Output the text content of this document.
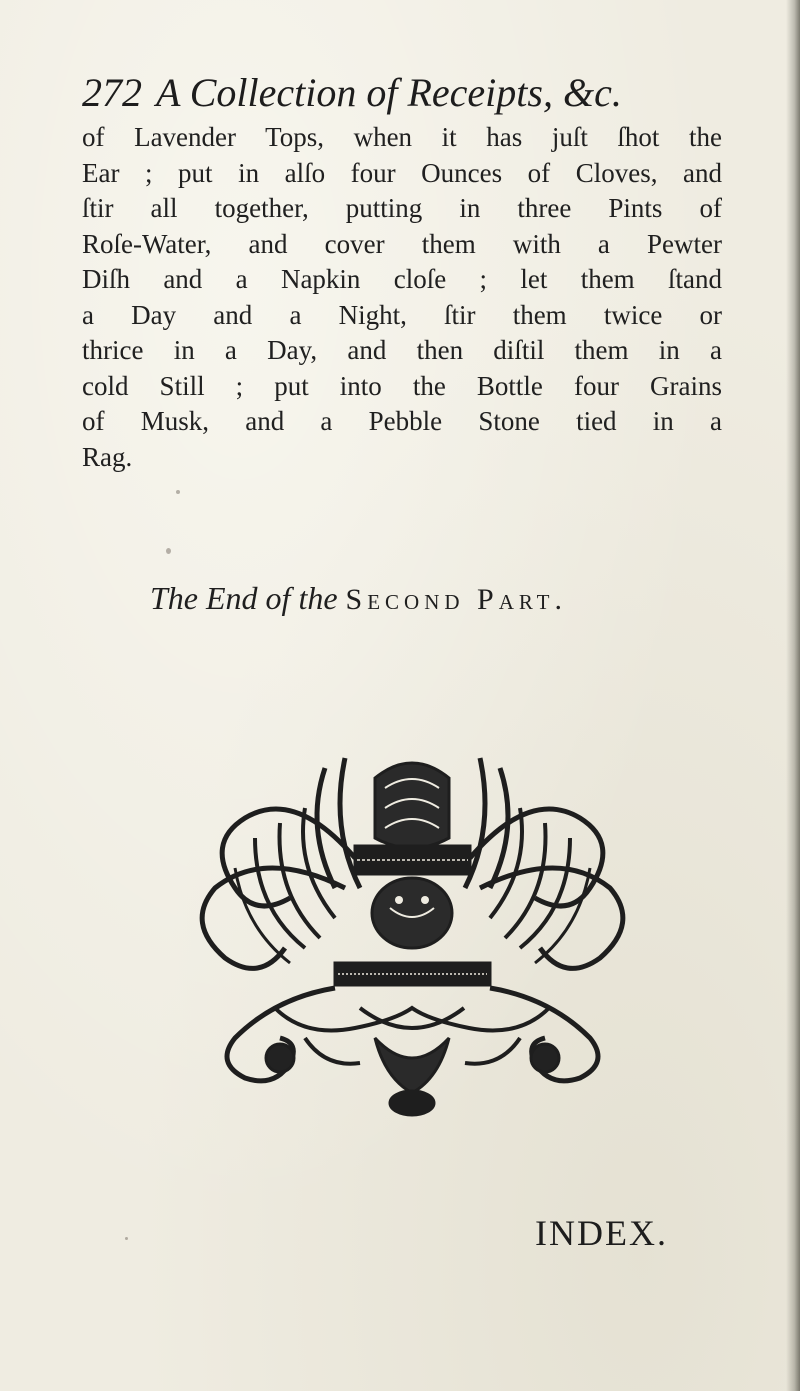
272 A Collection of Receipts, &c.
of Lavender Tops, when it has juſt ſhot the
Ear ; put in alſo four Ounces of Cloves, and
ſtir all together, putting in three Pints of
Roſe-Water, and cover them with a Pewter
Diſh and a Napkin cloſe ; let them ſtand
a Day and a Night, ſtir them twice or
thrice in a Day, and then diſtil them in a
cold Still ; put into the Bottle four Grains
of Musk, and a Pebble Stone tied in a
Rag.
The End of the Second Part.
INDEX.
